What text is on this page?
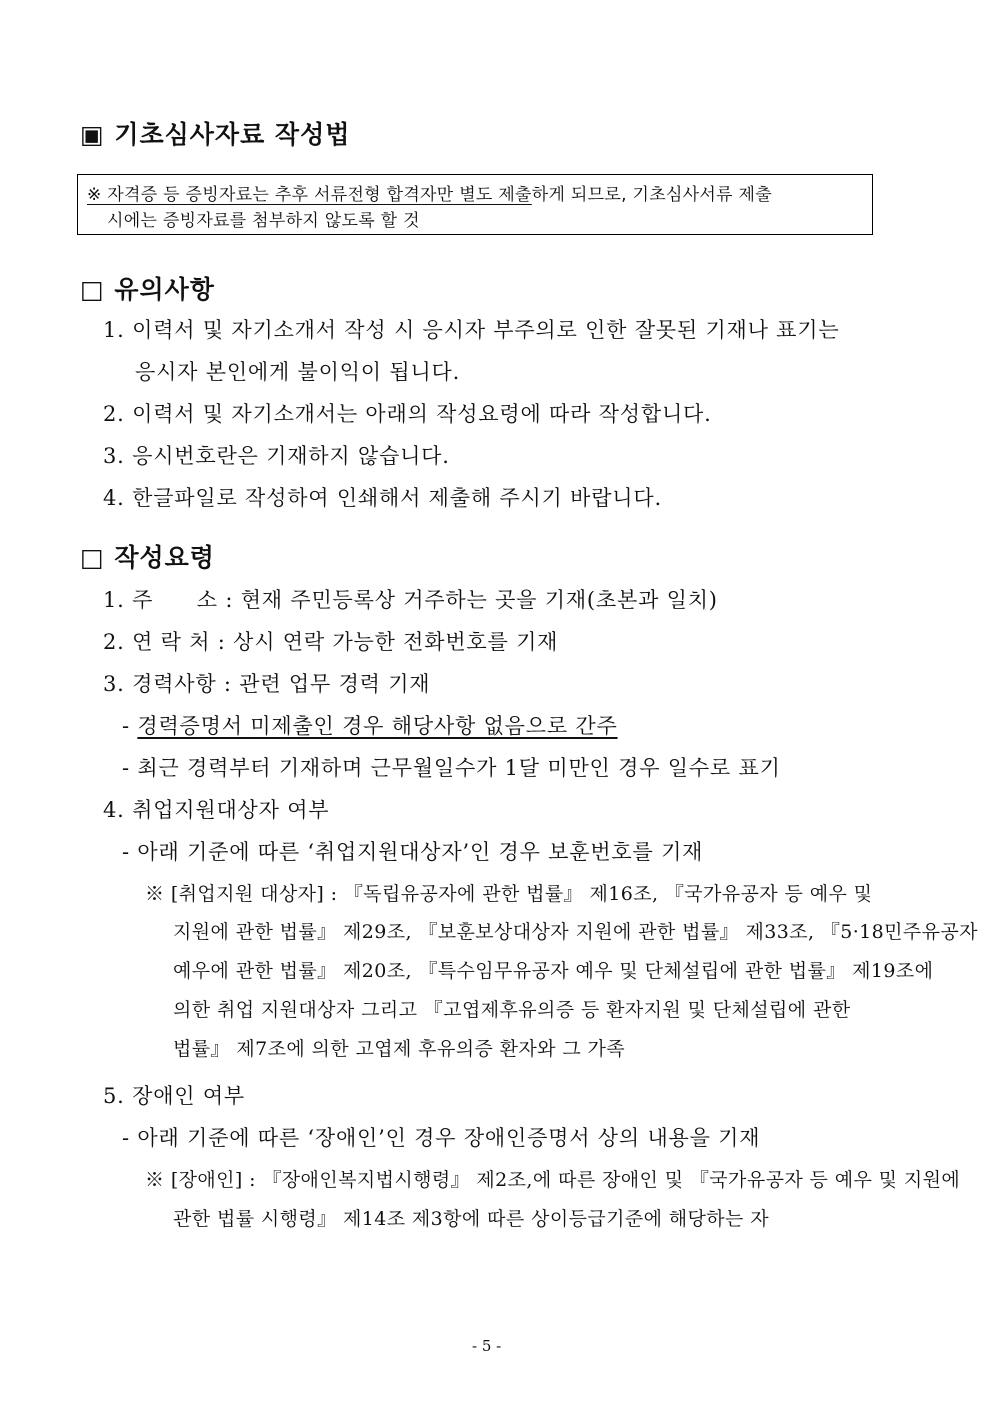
▣ 기초심사자료 작성법
※ 자격증 등 증빙자료는 추후 서류전형 합격자만 별도 제출하게 되므로, 기초심사서류 제출
시에는 증빙자료를 첨부하지 않도록 할 것
□ 유의사항
1. 이력서 및 자기소개서 작성 시 응시자 부주의로 인한 잘못된 기재나 표기는
응시자 본인에게 불이익이 됩니다.
2. 이력서 및 자기소개서는 아래의 작성요령에 따라 작성합니다.
3. 응시번호란은 기재하지 않습니다.
4. 한글파일로 작성하여 인쇄해서 제출해 주시기 바랍니다.
□ 작성요령
1. 주　　소 : 현재 주민등록상 거주하는 곳을 기재(초본과 일치)
2. 연 락 처 : 상시 연락 가능한 전화번호를 기재
3. 경력사항 : 관련 업무 경력 기재
- 경력증명서 미제출인 경우 해당사항 없음으로 간주
- 최근 경력부터 기재하며 근무월일수가 1달 미만인 경우 일수로 표기
4. 취업지원대상자 여부
- 아래 기준에 따른 ‘취업지원대상자’인 경우 보훈번호를 기재
※ [취업지원 대상자] : 『독립유공자에 관한 법률』 제16조, 『국가유공자 등 예우 및
지원에 관한 법률』 제29조, 『보훈보상대상자 지원에 관한 법률』 제33조, 『5·18민주유공자
예우에 관한 법률』 제20조, 『특수임무유공자 예우 및 단체설립에 관한 법률』 제19조에
의한 취업 지원대상자 그리고 『고엽제후유의증 등 환자지원 및 단체설립에 관한
법률』 제7조에 의한 고엽제 후유의증 환자와 그 가족
5. 장애인 여부
- 아래 기준에 따른 ‘장애인’인 경우 장애인증명서 상의 내용을 기재
※ [장애인] : 『장애인복지법시행령』 제2조,에 따른 장애인 및 『국가유공자 등 예우 및 지원에
관한 법률 시행령』 제14조 제3항에 따른 상이등급기준에 해당하는 자
- 5 -
